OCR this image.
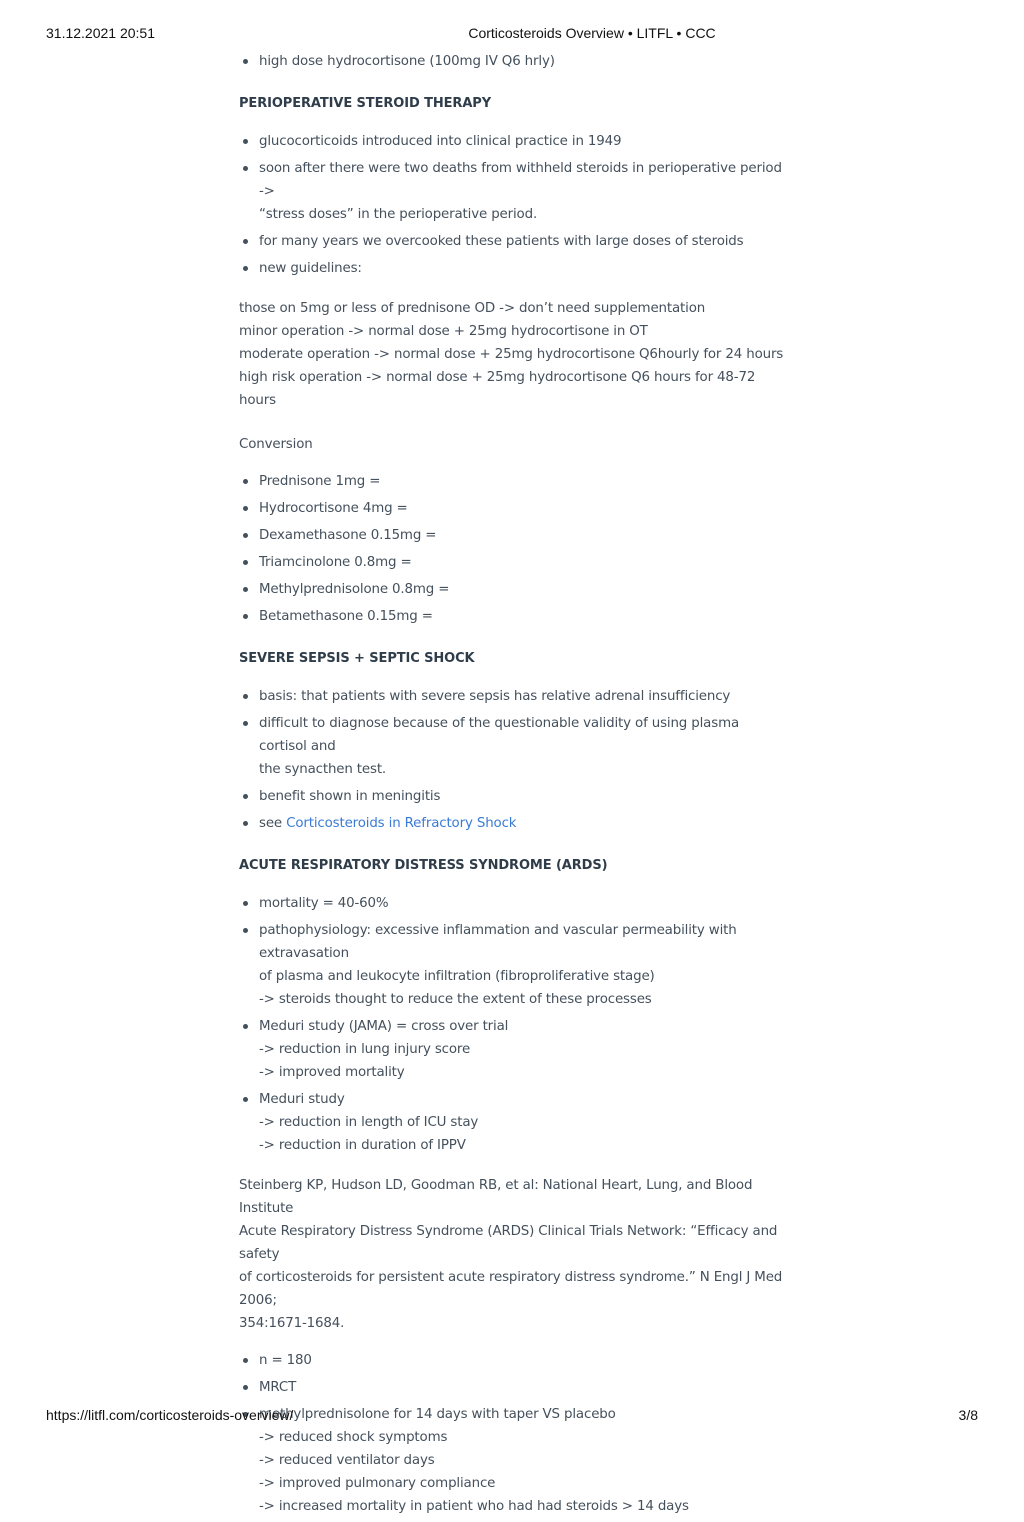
31.12.2021 20:51	Corticosteroids Overview • LITFL • CCC
high dose hydrocortisone (100mg IV Q6 hrly)
PERIOPERATIVE STEROID THERAPY
glucocorticoids introduced into clinical practice in 1949
soon after there were two deaths from withheld steroids in perioperative period ->
“stress doses” in the perioperative period.
for many years we overcooked these patients with large doses of steroids
new guidelines:

those on 5mg or less of prednisone OD -> don’t need supplementation
minor operation -> normal dose + 25mg hydrocortisone in OT
moderate operation -> normal dose + 25mg hydrocortisone Q6hourly for 24 hours
high risk operation -> normal dose + 25mg hydrocortisone Q6 hours for 48-72 hours

Conversion

Prednisone 1mg =
Hydrocortisone 4mg =
Dexamethasone 0.15mg =
Triamcinolone 0.8mg =
Methylprednisolone 0.8mg =
Betamethasone 0.15mg =
SEVERE SEPSIS + SEPTIC SHOCK
basis: that patients with severe sepsis has relative adrenal insufficiency
difficult to diagnose because of the questionable validity of using plasma cortisol and
the synacthen test.
benefit shown in meningitis
see Corticosteroids in Refractory Shock
ACUTE RESPIRATORY DISTRESS SYNDROME (ARDS)
mortality = 40-60%
pathophysiology: excessive inflammation and vascular permeability with extravasation
of plasma and leukocyte infiltration (fibroproliferative stage)
-> steroids thought to reduce the extent of these processes
Meduri study (JAMA) = cross over trial
-> reduction in lung injury score
-> improved mortality
Meduri study
-> reduction in length of ICU stay
-> reduction in duration of IPPV

Steinberg KP, Hudson LD, Goodman RB, et al: National Heart, Lung, and Blood Institute
Acute Respiratory Distress Syndrome (ARDS) Clinical Trials Network: “Efficacy and safety
of corticosteroids for persistent acute respiratory distress syndrome.” N Engl J Med 2006;
354:1671-1684.

n = 180
MRCT
methylprednisolone for 14 days with taper VS placebo
-> reduced shock symptoms
-> reduced ventilator days
-> improved pulmonary compliance
-> increased mortality in patient who had had steroids > 14 days
https://litfl.com/corticosteroids-overview/	3/8
